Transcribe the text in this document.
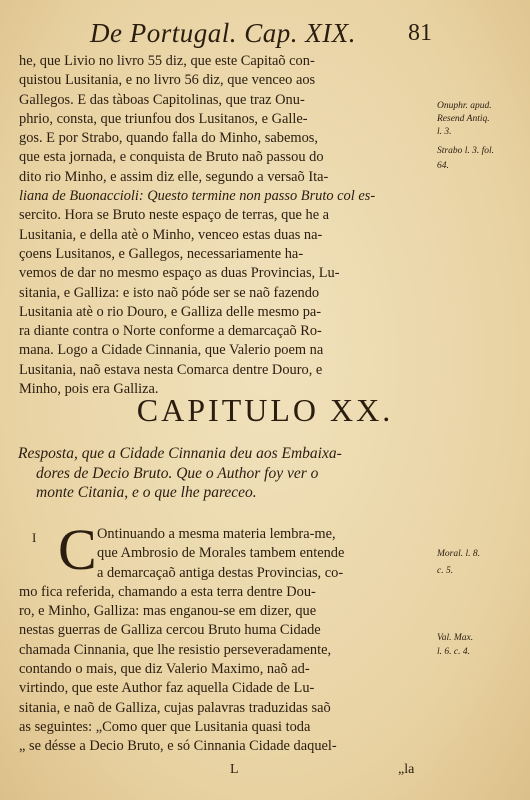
De Portugal. Cap. XIX. 81
he, que Livio no livro 55 diz, que este Capitaõ con-
quistou Lusitania, e no livro 56 diz, que venceo aos
Gallegos. E das tàboas Capitolinas, que traz Onu-
phrio, consta, que triunfou dos Lusitanos, e Galle-
gos. E por Strabo, quando falla do Minho, sabemos,
que esta jornada, e conquista de Bruto naõ passou do
dito rio Minho, e assim diz elle, segundo a versaõ Ita-
liana de Buonaccioli: Questo termine non passo Bruto col es-
sercito. Hora se Bruto neste espaço de terras, que he a
Lusitania, e della atè o Minho, venceo estas duas na-
çoens Lusitanos, e Gallegos, necessariamente ha-
vemos de dar no mesmo espaço as duas Provincias, Lu-
sitania, e Galliza: e isto naõ póde ser se naõ fazendo
Lusitania atè o rio Douro, e Galliza delle mesmo pa-
ra diante contra o Norte conforme a demarcaçaõ Ro-
mana. Logo a Cidade Cinnania, que Valerio poem na
Lusitania, naõ estava nesta Comarca dentre Douro, e
Minho, pois era Galliza.
Onuphr. apud.
Resend Antiq.
l. 3.
Strabo l. 3. fol.
64.
CAPITULO XX.
Resposta, que a Cidade Cinnania deu aos Embaixa-
dores de Decio Bruto. Que o Author foy ver o
monte Citania, e o que lhe pareceo.
I C Ontinuando a mesma materia lembra-me,
que Ambrosio de Morales tambem entende
a demarcaçaõ antiga destas Provincias, co-
mo fica referida, chamando a esta terra dentre Dou-
ro, e Minho, Galliza: mas enganou-se em dizer, que
nestas guerras de Galliza cercou Bruto huma Cidade
chamada Cinnania, que lhe resistio perseveradamente,
contando o mais, que diz Valerio Maximo, naõ ad-
virtindo, que este Author faz aquella Cidade de Lu-
sitania, e naõ de Galliza, cujas palavras traduzidas saõ
as seguintes: „Como quer que Lusitania quasi toda
„ se désse a Decio Bruto, e só Cinnania Cidade daquel-
Moral. l. 8.
c. 5.
Val. Max.
l. 6. c. 4.
L	„la
